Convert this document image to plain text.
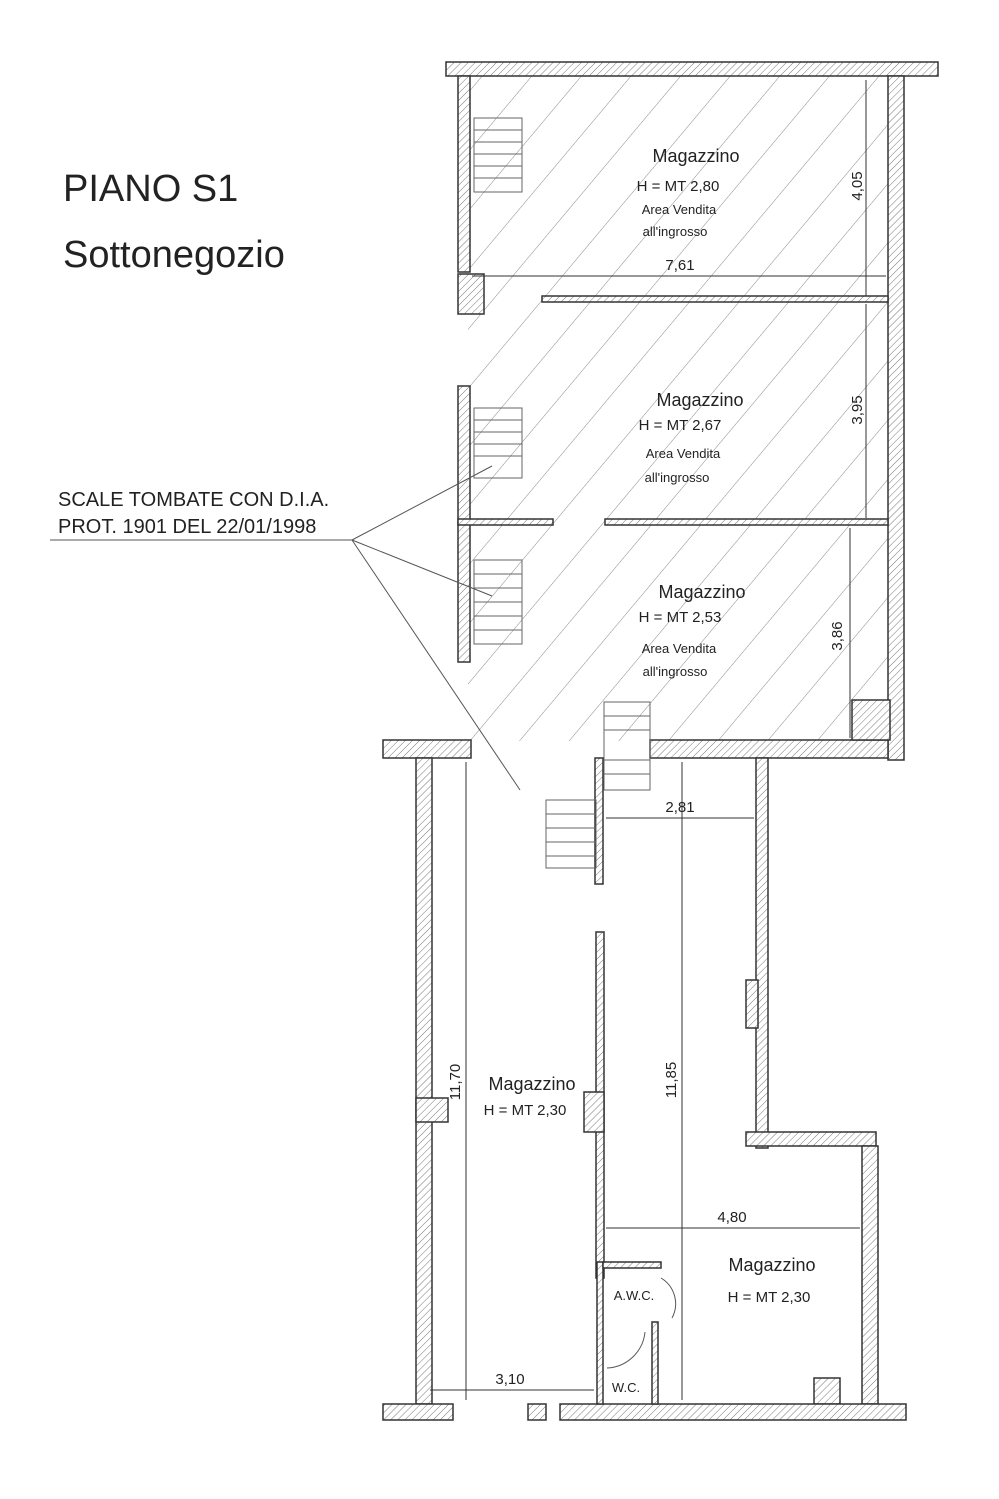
PIANO S1
Sottonegozio
SCALE TOMBATE CON D.I.A.
PROT. 1901 DEL 22/01/1998
Magazzino
H = MT 2,80
Area Vendita
all'ingrosso
Magazzino
H = MT 2,67
Area Vendita
all'ingrosso
Magazzino
H = MT 2,53
Area Vendita
all'ingrosso
Magazzino
H = MT 2,30
Magazzino
H = MT 2,30
A.W.C.
W.C.
4,05
7,61
3,95
3,86
2,81
11,70	11,85
4,80
3,10
